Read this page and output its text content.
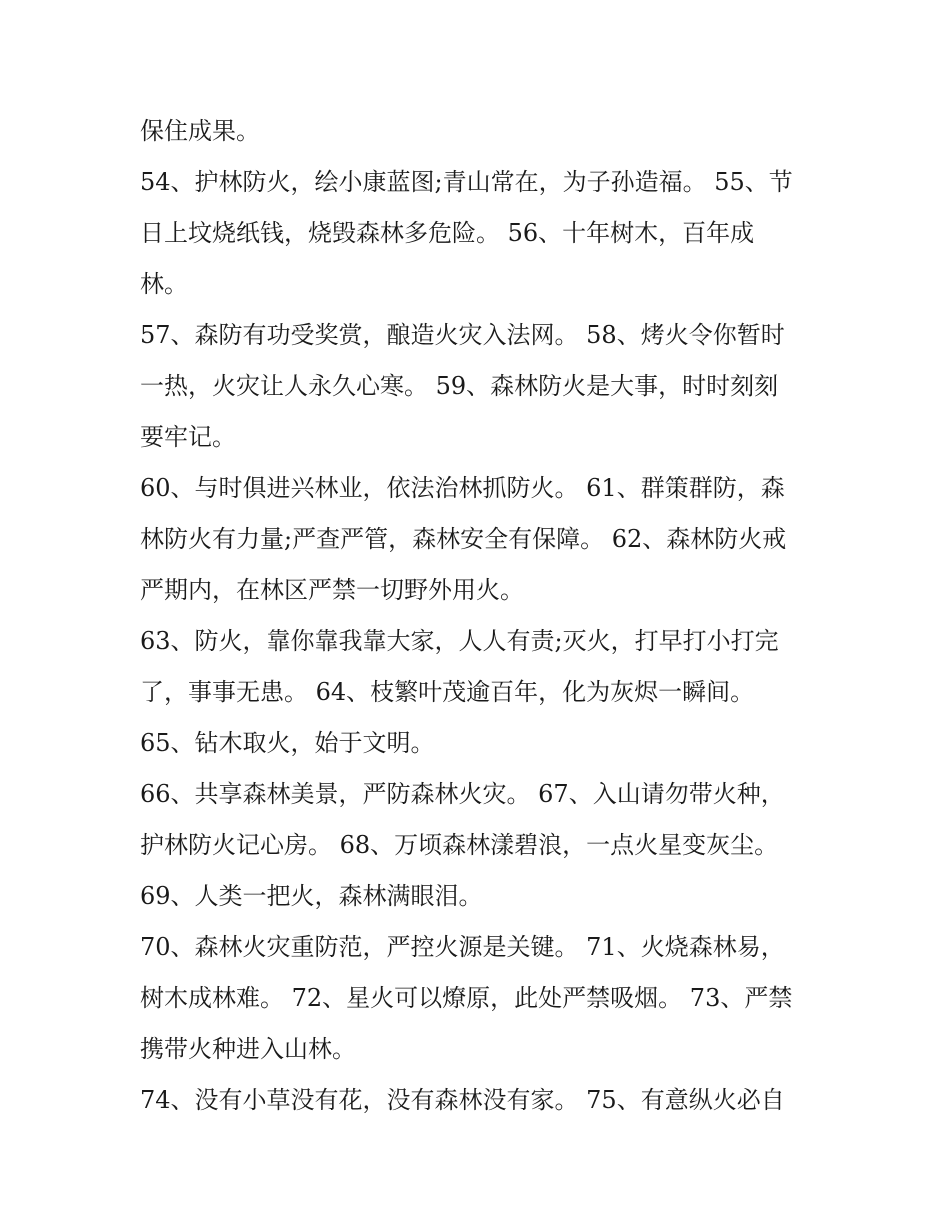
保住成果。
54、护林防火，绘小康蓝图;青山常在，为子孙造福。 55、节
日上坟烧纸钱，烧毁森林多危险。 56、十年树木，百年成
林。
57、森防有功受奖赏，酿造火灾入法网。 58、烤火令你暂时
一热，火灾让人永久心寒。 59、森林防火是大事，时时刻刻
要牢记。
60、与时俱进兴林业，依法治林抓防火。 61、群策群防，森
林防火有力量;严查严管，森林安全有保障。 62、森林防火戒
严期内，在林区严禁一切野外用火。
63、防火，靠你靠我靠大家，人人有责;灭火，打早打小打完
了，事事无患。 64、枝繁叶茂逾百年，化为灰烬一瞬间。
65、钻木取火，始于文明。
66、共享森林美景，严防森林火灾。 67、入山请勿带火种，
护林防火记心房。 68、万顷森林漾碧浪，一点火星变灰尘。
69、人类一把火，森林满眼泪。
70、森林火灾重防范，严控火源是关键。 71、火烧森林易，
树木成林难。 72、星火可以燎原，此处严禁吸烟。 73、严禁
携带火种进入山林。
74、没有小草没有花，没有森林没有家。 75、有意纵火必自
